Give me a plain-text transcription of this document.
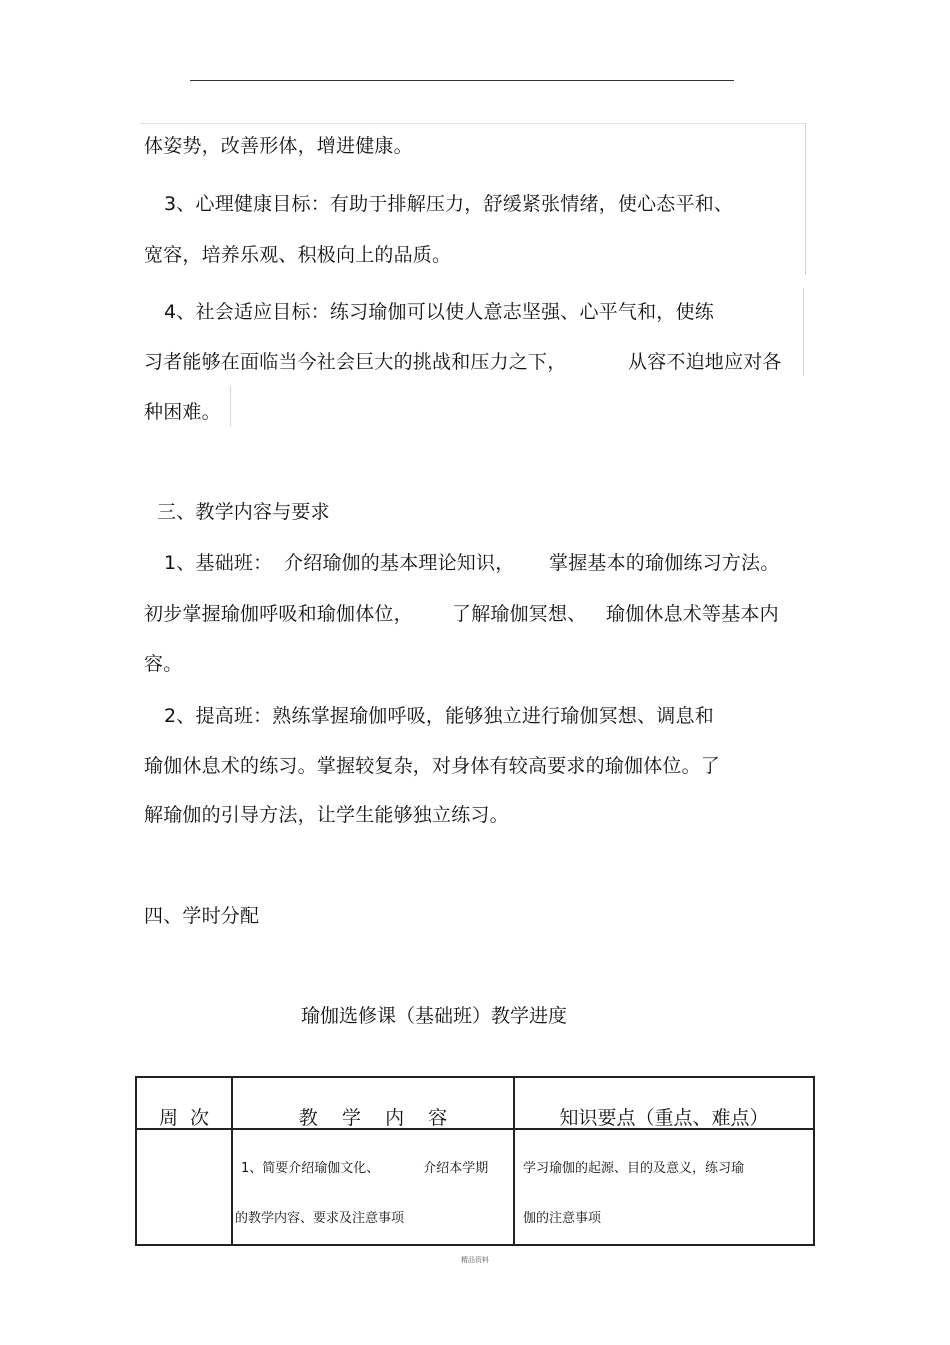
体姿势，改善形体，增进健康。
3、心理健康目标：有助于排解压力，舒缓紧张情绪，使心态平和、
宽容，培养乐观、积极向上的品质。
4、社会适应目标：练习瑜伽可以使人意志坚强、心平气和，使练
习者能够在面临当今社会巨大的挑战和压力之下，	从容不迫地应对各
种困难。
三、教学内容与要求
1、基础班： 介绍瑜伽的基本理论知识， 掌握基本的瑜伽练习方法。
初步掌握瑜伽呼吸和瑜伽体位， 了解瑜伽冥想、 瑜伽休息术等基本内
容。
2、提高班：熟练掌握瑜伽呼吸，能够独立进行瑜伽冥想、调息和
瑜伽休息术的练习。掌握较复杂，对身体有较高要求的瑜伽体位。了
解瑜伽的引导方法，让学生能够独立练习。
四、学时分配
瑜伽选修课（基础班）教学进度
周  次	教    学    内    容	知识要点（重点、难点）

	1、简要介绍瑜伽文化、 介绍本学期
的教学内容、要求及注意事项	学习瑜伽的起源、目的及意义，练习瑜
伽的注意事项
精品资料
